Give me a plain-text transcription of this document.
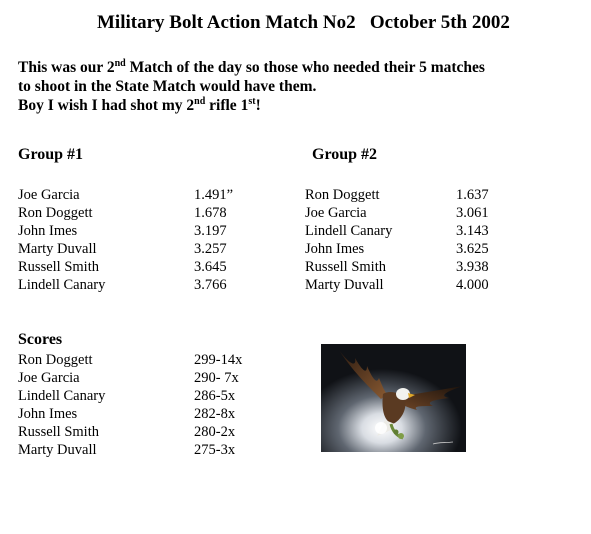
Military Bolt Action Match No2   October 5th 2002
This was our 2nd Match of the day so those who needed their 5 matches
to shoot in the State Match would have them.
Boy I wish I had shot my 2nd rifle 1st!
Group #1	Group #2
Joe Garcia	1.491”
Ron Doggett	1.678
John Imes	3.197
Marty Duvall	3.257
Russell Smith	3.645
Lindell Canary	3.766
Ron Doggett	1.637
Joe Garcia	3.061
Lindell Canary	3.143
John Imes	3.625
Russell Smith	3.938
Marty Duvall	4.000
Scores
Ron Doggett	299-14x
Joe Garcia	290- 7x
Lindell Canary	286-5x
John Imes	282-8x
Russell Smith	280-2x
Marty Duvall	275-3x
